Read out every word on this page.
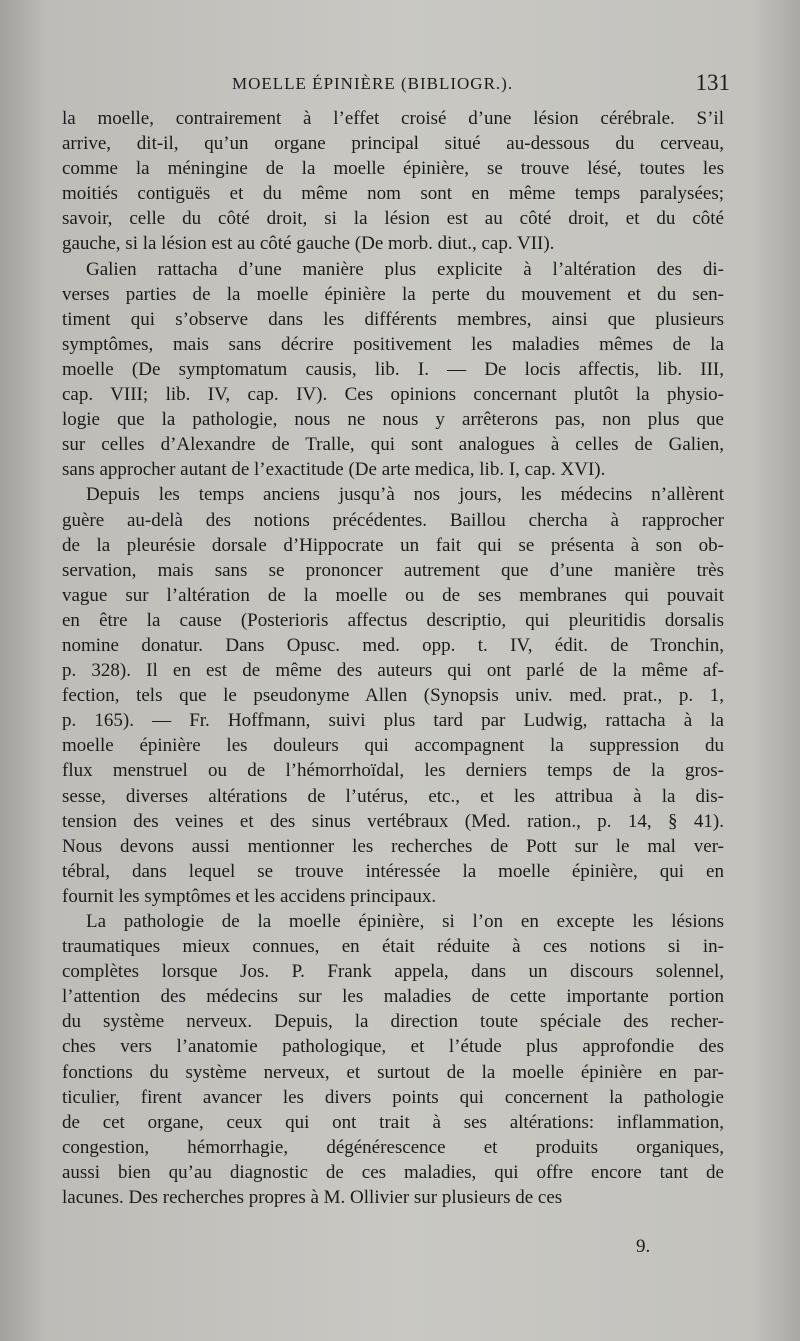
MOELLE ÉPINIÈRE (BIBLIOGR.).	131
la moelle, contrairement à l’effet croisé d’une lésion cérébrale. S’il
arrive, dit-il, qu’un organe principal situé au-dessous du cerveau,
comme la méningine de la moelle épinière, se trouve lésé, toutes les
moitiés contiguës et du même nom sont en même temps paralysées;
savoir, celle du côté droit, si la lésion est au côté droit, et du côté
gauche, si la lésion est au côté gauche (De morb. diut., cap. VII).
Galien rattacha d’une manière plus explicite à l’altération des di-
verses parties de la moelle épinière la perte du mouvement et du sen-
timent qui s’observe dans les différents membres, ainsi que plusieurs
symptômes, mais sans décrire positivement les maladies mêmes de la
moelle (De symptomatum causis, lib. I. — De locis affectis, lib. III,
cap. VIII; lib. IV, cap. IV). Ces opinions concernant plutôt la physio-
logie que la pathologie, nous ne nous y arrêterons pas, non plus que
sur celles d’Alexandre de Tralle, qui sont analogues à celles de Galien,
sans approcher autant de l’exactitude (De arte medica, lib. I, cap. XVI).
Depuis les temps anciens jusqu’à nos jours, les médecins n’allèrent
guère au-delà des notions précédentes. Baillou chercha à rapprocher
de la pleurésie dorsale d’Hippocrate un fait qui se présenta à son ob-
servation, mais sans se prononcer autrement que d’une manière très
vague sur l’altération de la moelle ou de ses membranes qui pouvait
en être la cause (Posterioris affectus descriptio, qui pleuritidis dorsalis
nomine donatur. Dans Opusc. med. opp. t. IV, édit. de Tronchin,
p. 328). Il en est de même des auteurs qui ont parlé de la même af-
fection, tels que le pseudonyme Allen (Synopsis univ. med. prat., p. 1,
p. 165). — Fr. Hoffmann, suivi plus tard par Ludwig, rattacha à la
moelle épinière les douleurs qui accompagnent la suppression du
flux menstruel ou de l’hémorrhoïdal, les derniers temps de la gros-
sesse, diverses altérations de l’utérus, etc., et les attribua à la dis-
tension des veines et des sinus vertébraux (Med. ration., p. 14, § 41).
Nous devons aussi mentionner les recherches de Pott sur le mal ver-
tébral, dans lequel se trouve intéressée la moelle épinière, qui en
fournit les symptômes et les accidens principaux.
La pathologie de la moelle épinière, si l’on en excepte les lésions
traumatiques mieux connues, en était réduite à ces notions si in-
complètes lorsque Jos. P. Frank appela, dans un discours solennel,
l’attention des médecins sur les maladies de cette importante portion
du système nerveux. Depuis, la direction toute spéciale des recher-
ches vers l’anatomie pathologique, et l’étude plus approfondie des
fonctions du système nerveux, et surtout de la moelle épinière en par-
ticulier, firent avancer les divers points qui concernent la pathologie
de cet organe, ceux qui ont trait à ses altérations: inflammation,
congestion, hémorrhagie, dégénérescence et produits organiques,
aussi bien qu’au diagnostic de ces maladies, qui offre encore tant de
lacunes. Des recherches propres à M. Ollivier sur plusieurs de ces
9.
